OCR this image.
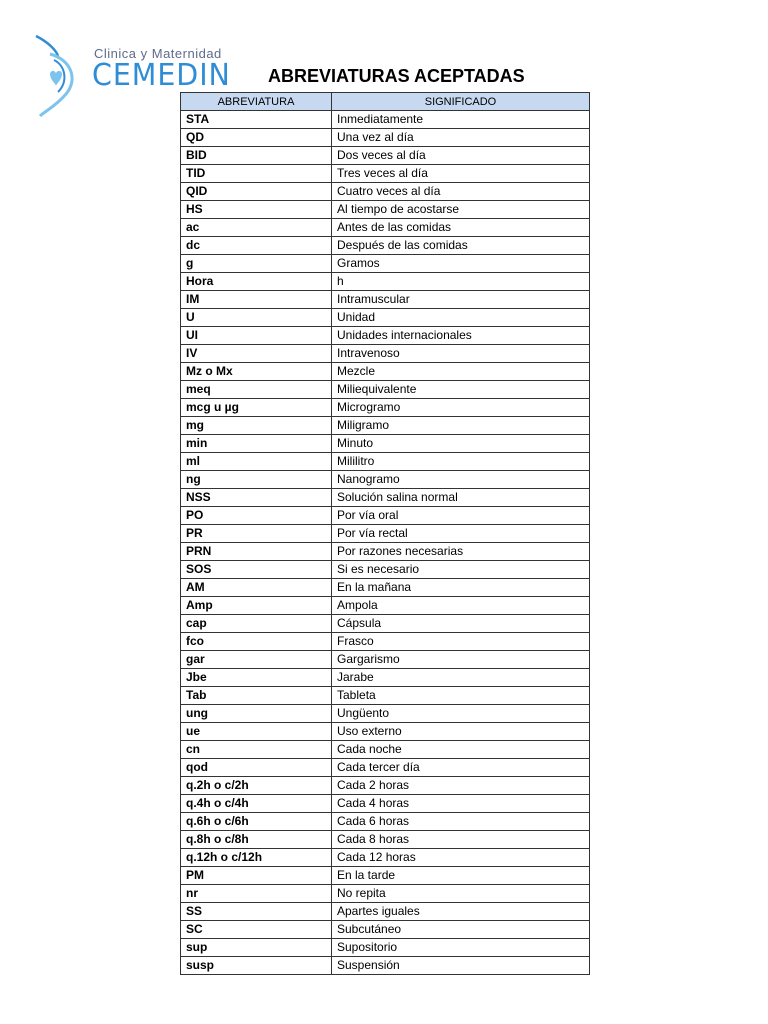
Clinica y Maternidad
CEMEDIN ABREVIATURAS ACEPTADAS
ABREVIATURA	SIGNIFICADO
STA	Inmediatamente
QD	Una vez al día
BID	Dos veces al día
TID	Tres veces al día
QID	Cuatro veces al día
HS	Al tiempo de acostarse
ac	Antes de las comidas
dc	Después de las comidas
g	Gramos
Hora	h
IM	Intramuscular
U	Unidad
UI	Unidades internacionales
IV	Intravenoso
Mz o Mx	Mezcle
meq	Miliequivalente
mcg u µg	Microgramo
mg	Miligramo
min	Minuto
ml	Mililitro
ng	Nanogramo
NSS	Solución salina normal
PO	Por vía oral
PR	Por vía rectal
PRN	Por razones necesarias
SOS	Si es necesario
AM	En la mañana
Amp	Ampola
cap	Cápsula
fco	Frasco
gar	Gargarismo
Jbe	Jarabe
Tab	Tableta
ung	Ungüento
ue	Uso externo
cn	Cada noche
qod	Cada tercer día
q.2h o c/2h	Cada 2 horas
q.4h o c/4h	Cada 4 horas
q.6h o c/6h	Cada 6 horas
q.8h o c/8h	Cada 8 horas
q.12h o c/12h	Cada 12 horas
PM	En la tarde
nr	No repita
SS	Apartes iguales
SC	Subcutáneo
sup	Supositorio
susp	Suspensión
